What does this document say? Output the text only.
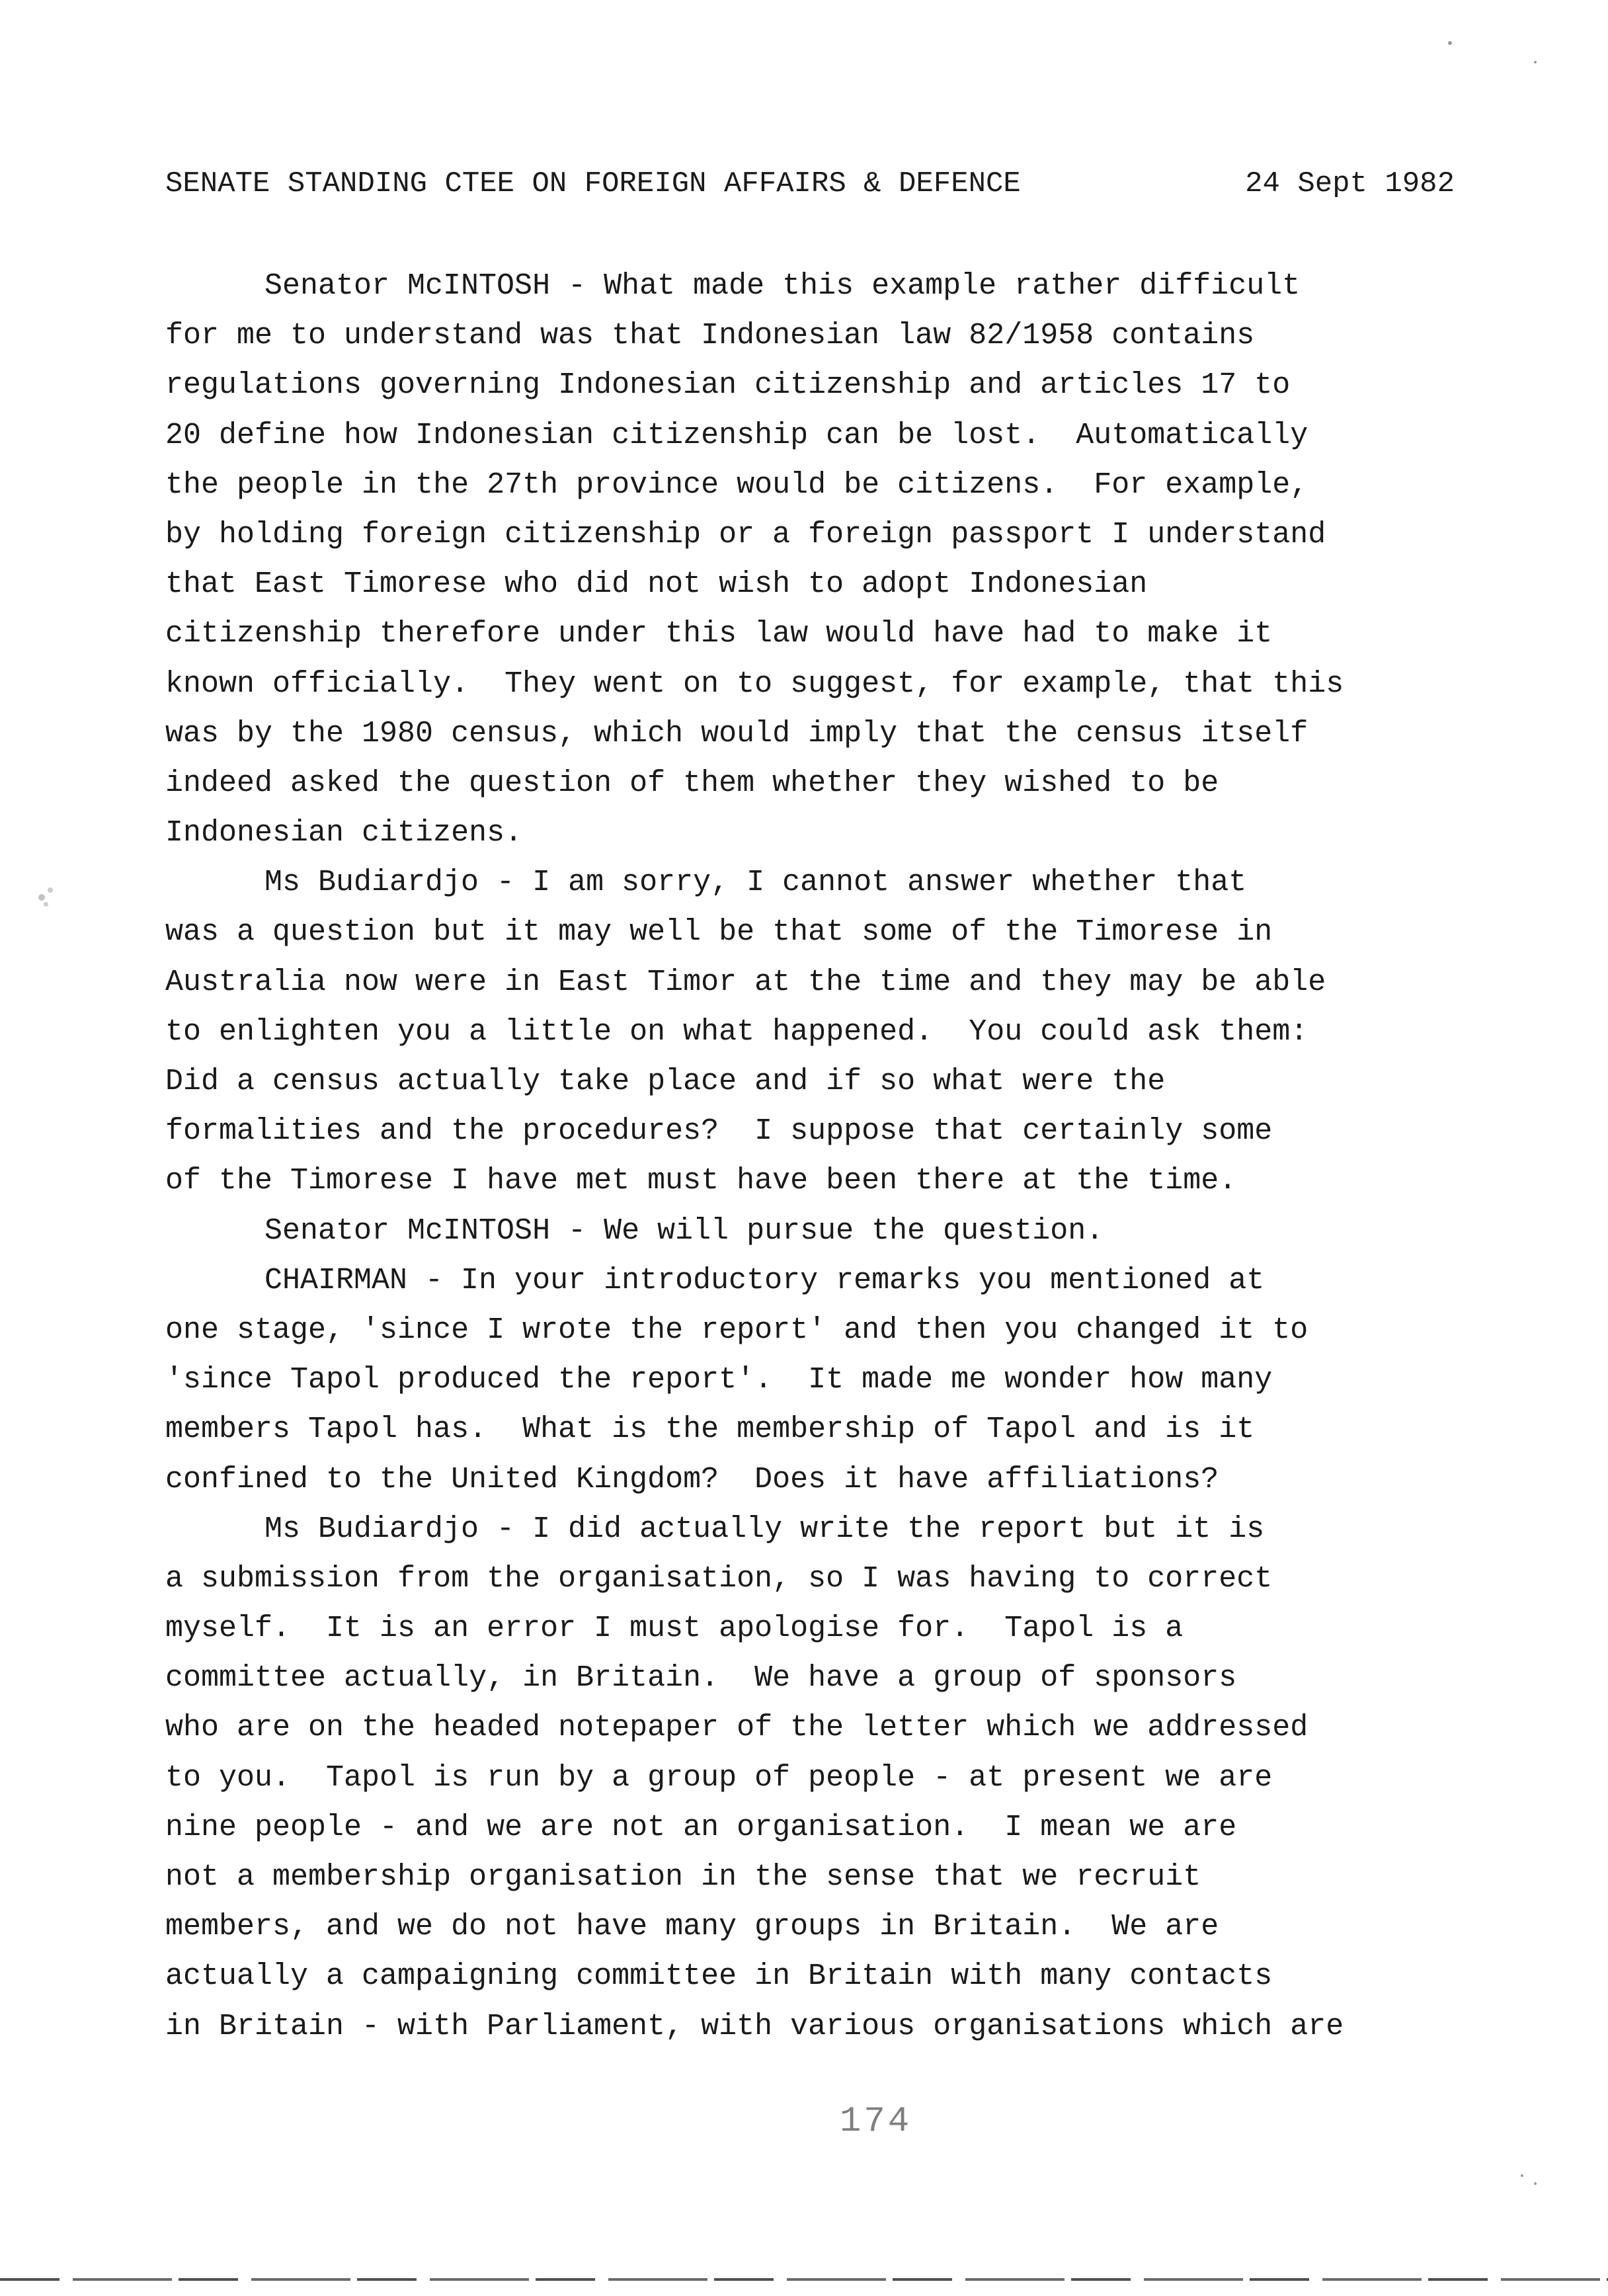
SENATE STANDING CTEE ON FOREIGN AFFAIRS & DEFENCE	24 Sept 1982
Senator McINTOSH - What made this example rather difficult
for me to understand was that Indonesian law 82/1958 contains
regulations governing Indonesian citizenship and articles 17 to
20 define how Indonesian citizenship can be lost.  Automatically
the people in the 27th province would be citizens.  For example,
by holding foreign citizenship or a foreign passport I understand
that East Timorese who did not wish to adopt Indonesian
citizenship therefore under this law would have had to make it
known officially.  They went on to suggest, for example, that this
was by the 1980 census, which would imply that the census itself
indeed asked the question of them whether they wished to be
Indonesian citizens.
Ms Budiardjo - I am sorry, I cannot answer whether that
was a question but it may well be that some of the Timorese in
Australia now were in East Timor at the time and they may be able
to enlighten you a little on what happened.  You could ask them:
Did a census actually take place and if so what were the
formalities and the procedures?  I suppose that certainly some
of the Timorese I have met must have been there at the time.
Senator McINTOSH - We will pursue the question.
CHAIRMAN - In your introductory remarks you mentioned at
one stage, 'since I wrote the report' and then you changed it to
'since Tapol produced the report'.  It made me wonder how many
members Tapol has.  What is the membership of Tapol and is it
confined to the United Kingdom?  Does it have affiliations?
Ms Budiardjo - I did actually write the report but it is
a submission from the organisation, so I was having to correct
myself.  It is an error I must apologise for.  Tapol is a
committee actually, in Britain.  We have a group of sponsors
who are on the headed notepaper of the letter which we addressed
to you.  Tapol is run by a group of people - at present we are
nine people - and we are not an organisation.  I mean we are
not a membership organisation in the sense that we recruit
members, and we do not have many groups in Britain.  We are
actually a campaigning committee in Britain with many contacts
in Britain - with Parliament, with various organisations which are
174
